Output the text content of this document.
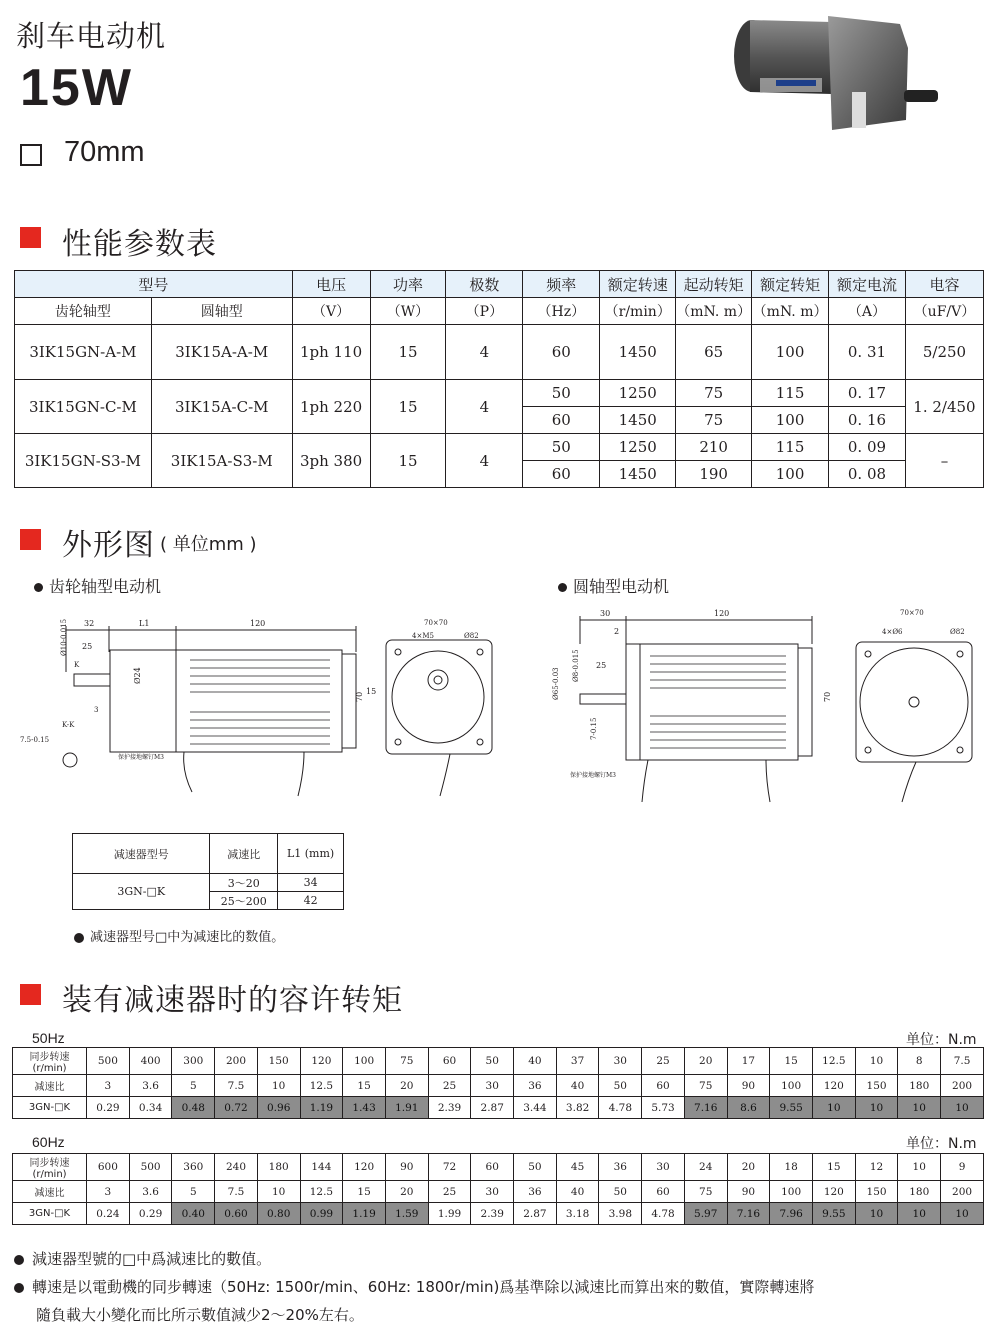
刹车电动机
15W
70mm
性能参数表
型号		电压	功率	极数	频率	额定转速	起动转矩	额定转矩	额定电流	电容
齿轮轴型	圆轴型	（V）	（W）	（P）	（Hz）	（r/min）	（mN. m）	（mN. m）	（A）	（uF/V）
3IK15GN-A-M	3IK15A-A-M	1ph 110	15	4	60	1450	65	100	0. 31	5/250
3IK15GN-C-M	3IK15A-C-M	1ph 220	15	4	50	1250	75	115	0. 17	1. 2/450
					60	1450	75	100	0. 16	
3IK15GN-S3-M	3IK15A-S3-M	3ph 380	15	4	50	1250	210	115	0. 09	–
					60	1450	190	100	0. 08	
外形图 ( 单位mm )
齿轮轴型电动机	圆轴型电动机
32	L1	120
25
Ø10-0.015
Ø24
70
保护接地螺钉M3
K
3
K-K
7.5-0.15
70×70
4×M5	Ø82
15
30	120
2
25
Ø65-0.03
Ø8-0.015
7-0.15
70
保护接地螺钉M3
70×70
4×Ø6	Ø82
减速器型号	减速比	L1 (mm)
3GN-□K	3～20	34
	25～200	42
减速器型号□中为减速比的数值。
装有减速器时的容许转矩
50Hz	单位：N.m
同步转速(r/min)	500	400	300	200	150	120	100	75	60	50	40	37	30	25	20	17	15	12.5	10	8	7.5
减速比	3	3.6	5	7.5	10	12.5	15	20	25	30	36	40	50	60	75	90	100	120	150	180	200
3GN-□K	0.29	0.34	0.48	0.72	0.96	1.19	1.43	1.91	2.39	2.87	3.44	3.82	4.78	5.73	7.16	8.6	9.55	10	10	10	10
60Hz	单位：N.m
同步转速(r/min)	600	500	360	240	180	144	120	90	72	60	50	45	36	30	24	20	18	15	12	10	9
减速比	3	3.6	5	7.5	10	12.5	15	20	25	30	36	40	50	60	75	90	100	120	150	180	200
3GN-□K	0.24	0.29	0.40	0.60	0.80	0.99	1.19	1.59	1.99	2.39	2.87	3.18	3.98	4.78	5.97	7.16	7.96	9.55	10	10	10
減速器型號的□中爲減速比的數值。
轉速是以電動機的同步轉速（50Hz: 1500r/min、60Hz: 1800r/min)爲基準除以減速比而算出來的數值，實際轉速將
隨負載大小變化而比所示數值減少2～20%左右。
